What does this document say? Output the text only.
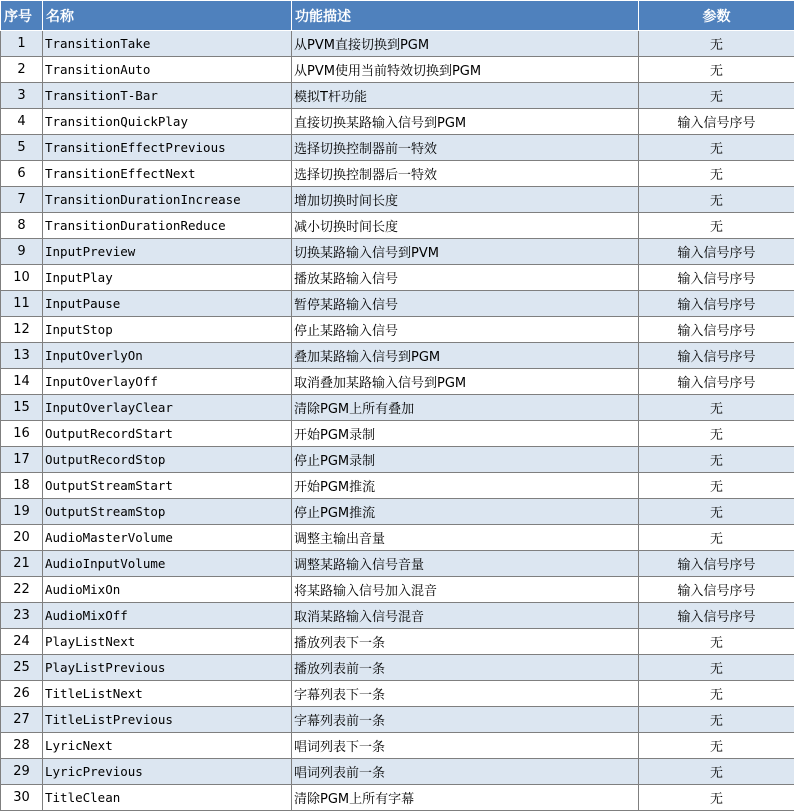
序号	名称	功能描述	参数
1	TransitionTake	从PVM直接切换到PGM	无
2	TransitionAuto	从PVM使用当前特效切换到PGM	无
3	TransitionT-Bar	模拟T杆功能	无
4	TransitionQuickPlay	直接切换某路输入信号到PGM	输入信号序号
5	TransitionEffectPrevious	选择切换控制器前一特效	无
6	TransitionEffectNext	选择切换控制器后一特效	无
7	TransitionDurationIncrease	增加切换时间长度	无
8	TransitionDurationReduce	减小切换时间长度	无
9	InputPreview	切换某路输入信号到PVM	输入信号序号
10	InputPlay	播放某路输入信号	输入信号序号
11	InputPause	暂停某路输入信号	输入信号序号
12	InputStop	停止某路输入信号	输入信号序号
13	InputOverlyOn	叠加某路输入信号到PGM	输入信号序号
14	InputOverlayOff	取消叠加某路输入信号到PGM	输入信号序号
15	InputOverlayClear	清除PGM上所有叠加	无
16	OutputRecordStart	开始PGM录制	无
17	OutputRecordStop	停止PGM录制	无
18	OutputStreamStart	开始PGM推流	无
19	OutputStreamStop	停止PGM推流	无
20	AudioMasterVolume	调整主输出音量	无
21	AudioInputVolume	调整某路输入信号音量	输入信号序号
22	AudioMixOn	将某路输入信号加入混音	输入信号序号
23	AudioMixOff	取消某路输入信号混音	输入信号序号
24	PlayListNext	播放列表下一条	无
25	PlayListPrevious	播放列表前一条	无
26	TitleListNext	字幕列表下一条	无
27	TitleListPrevious	字幕列表前一条	无
28	LyricNext	唱词列表下一条	无
29	LyricPrevious	唱词列表前一条	无
30	TitleClean	清除PGM上所有字幕	无
